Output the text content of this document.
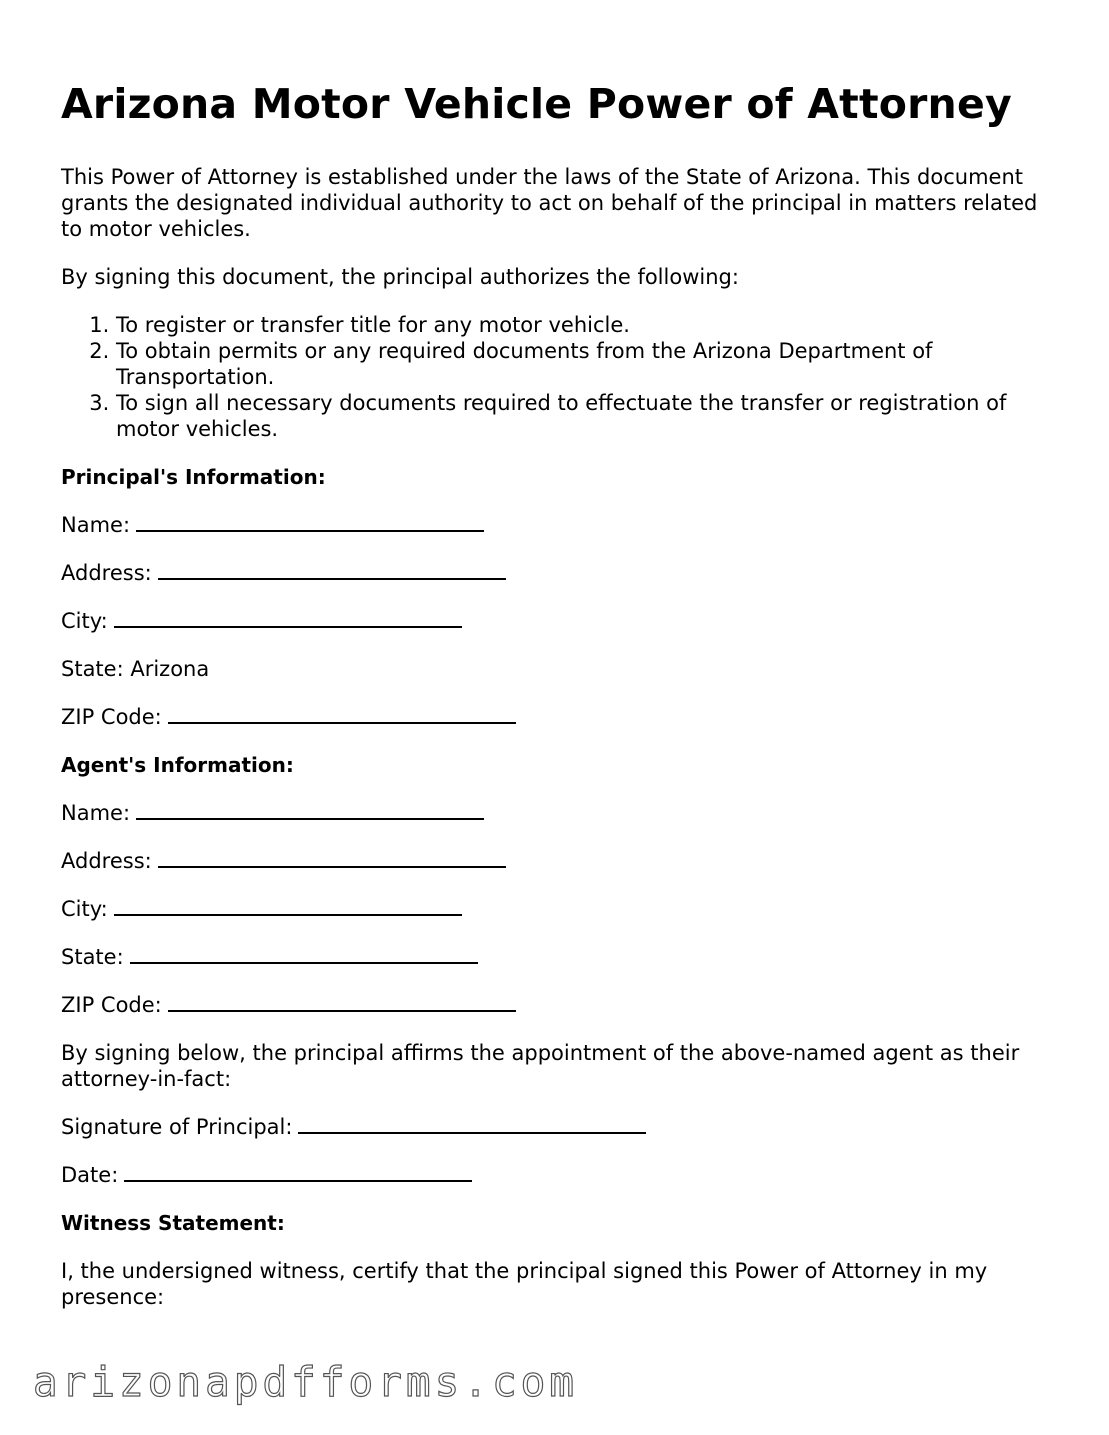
Arizona Motor Vehicle Power of Attorney

This Power of Attorney is established under the laws of the State of Arizona. This document grants the designated individual authority to act on behalf of the principal in matters related to motor vehicles.

By signing this document, the principal authorizes the following:

1. To register or transfer title for any motor vehicle.
2. To obtain permits or any required documents from the Arizona Department of Transportation.
3. To sign all necessary documents required to effectuate the transfer or registration of motor vehicles.
Principal's Information:
Name:
Address:
City:
State: Arizona
ZIP Code:
Agent's Information:
Name:
Address:
City:
State:
ZIP Code:

By signing below, the principal affirms the appointment of the above-named agent as their attorney-in-fact:

Signature of Principal:
Date:
Witness Statement:

I, the undersigned witness, certify that the principal signed this Power of Attorney in my presence:

arizonapdfforms.com
